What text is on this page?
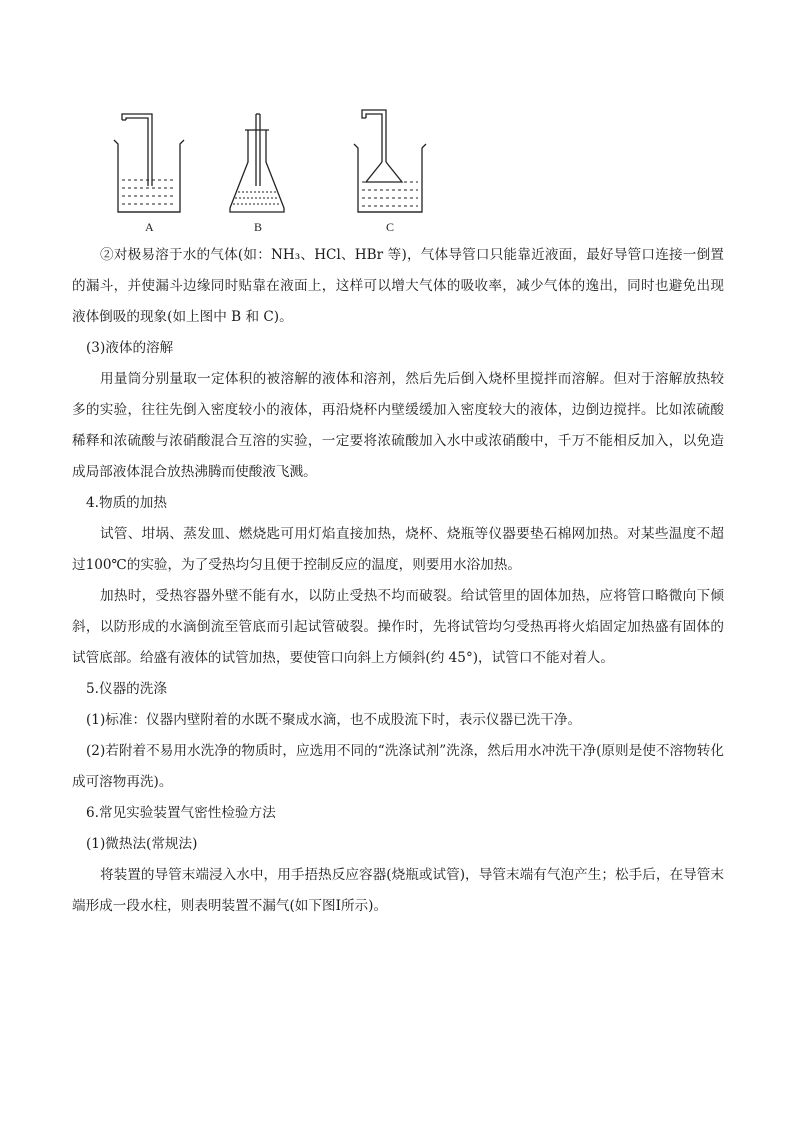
A	B	C

②对极易溶于水的气体(如：NH₃、HCl、HBr 等)，气体导管口只能靠近液面，最好导管口连接一倒置的漏斗，并使漏斗边缘同时贴靠在液面上，这样可以增大气体的吸收率，减少气体的逸出，同时也避免出现液体倒吸的现象(如上图中 B 和 C)。

(3)液体的溶解

用量筒分别量取一定体积的被溶解的液体和溶剂，然后先后倒入烧杯里搅拌而溶解。但对于溶解放热较多的实验，往往先倒入密度较小的液体，再沿烧杯内壁缓缓加入密度较大的液体，边倒边搅拌。比如浓硫酸稀释和浓硫酸与浓硝酸混合互溶的实验，一定要将浓硫酸加入水中或浓硝酸中，千万不能相反加入，以免造成局部液体混合放热沸腾而使酸液飞溅。

4.物质的加热

试管、坩埚、蒸发皿、燃烧匙可用灯焰直接加热，烧杯、烧瓶等仪器要垫石棉网加热。对某些温度不超过100℃的实验，为了受热均匀且便于控制反应的温度，则要用水浴加热。

加热时，受热容器外壁不能有水，以防止受热不均而破裂。给试管里的固体加热，应将管口略微向下倾斜，以防形成的水滴倒流至管底而引起试管破裂。操作时，先将试管均匀受热再将火焰固定加热盛有固体的试管底部。给盛有液体的试管加热，要使管口向斜上方倾斜(约 45°)，试管口不能对着人。

5.仪器的洗涤

(1)标准：仪器内壁附着的水既不聚成水滴，也不成股流下时，表示仪器已洗干净。

(2)若附着不易用水洗净的物质时，应选用不同的“洗涤试剂”洗涤，然后用水冲洗干净(原则是使不溶物转化成可溶物再洗)。

6.常见实验装置气密性检验方法

(1)微热法(常规法)

将装置的导管末端浸入水中，用手捂热反应容器(烧瓶或试管)，导管末端有气泡产生；松手后，在导管末端形成一段水柱，则表明装置不漏气(如下图Ⅰ所示)。
